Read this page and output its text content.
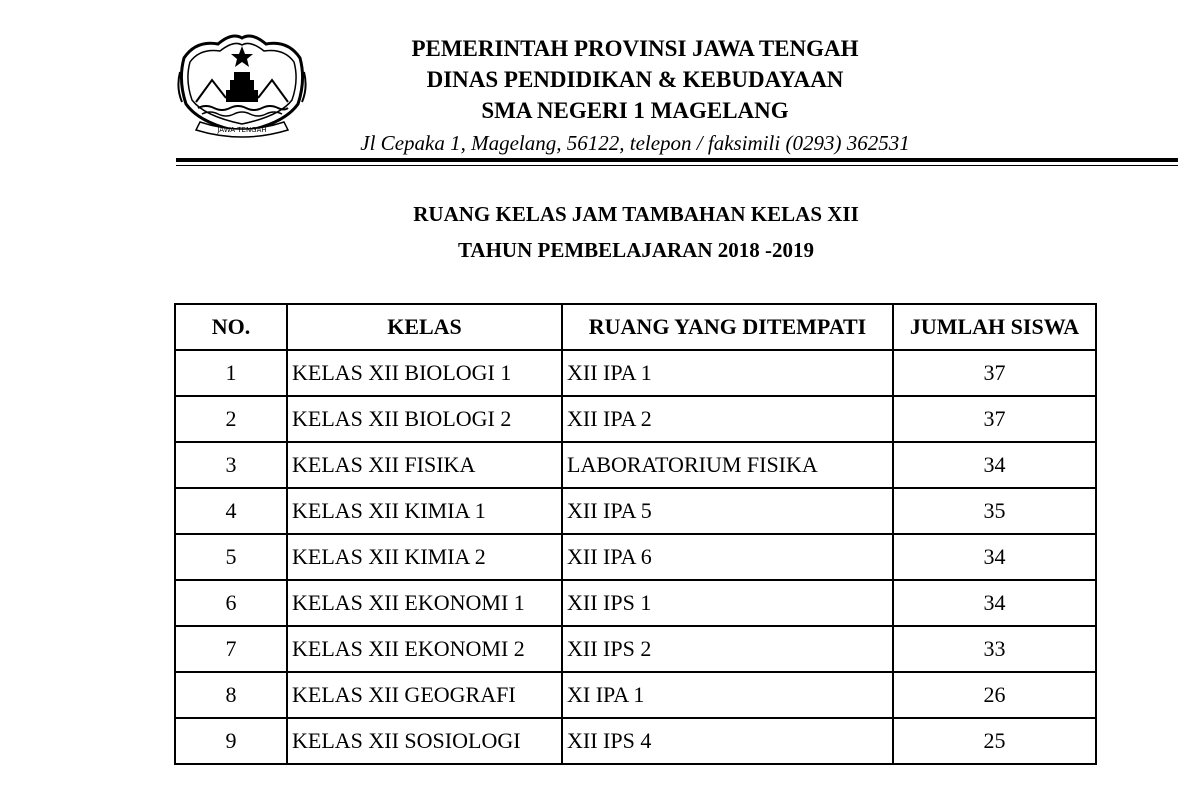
JAWA TENGAH
PEMERINTAH PROVINSI JAWA TENGAH
DINAS PENDIDIKAN & KEBUDAYAAN
SMA NEGERI 1 MAGELANG
Jl Cepaka 1, Magelang, 56122, telepon / faksimili (0293) 362531
RUANG KELAS JAM TAMBAHAN KELAS XII
TAHUN PEMBELAJARAN 2018 -2019
NO.	KELAS	RUANG YANG DITEMPATI	JUMLAH SISWA
1	KELAS XII BIOLOGI 1	XII IPA 1	37
2	KELAS XII BIOLOGI 2	XII IPA 2	37
3	KELAS XII FISIKA	LABORATORIUM FISIKA	34
4	KELAS XII KIMIA 1	XII IPA 5	35
5	KELAS XII KIMIA 2	XII IPA 6	34
6	KELAS XII EKONOMI 1	XII IPS 1	34
7	KELAS XII EKONOMI 2	XII IPS 2	33
8	KELAS XII GEOGRAFI	XI IPA 1	26
9	KELAS XII SOSIOLOGI	XII IPS 4	25
